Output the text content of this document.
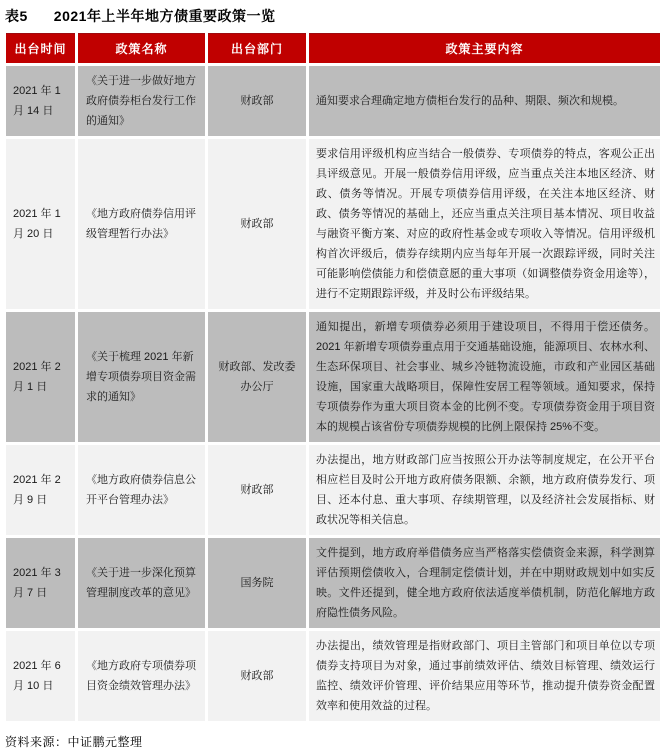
表5 2021年上半年地方债重要政策一览
出台时间	政策名称	出台部门	政策主要内容
2021 年 1 月 14 日	《关于进一步做好地方政府债券柜台发行工作的通知》	财政部	通知要求合理确定地方债柜台发行的品种、期限、频次和规模。
2021 年 1 月 20 日	《地方政府债券信用评级管理暂行办法》	财政部	要求信用评级机构应当结合一般债券、专项债券的特点，客观公正出具评级意见。开展一般债券信用评级，应当重点关注本地区经济、财政、债务等情况。开展专项债券信用评级，在关注本地区经济、财政、债务等情况的基础上，还应当重点关注项目基本情况、项目收益与融资平衡方案、对应的政府性基金或专项收入等情况。信用评级机构首次评级后，债券存续期内应当每年开展一次跟踪评级，同时关注可能影响偿债能力和偿债意愿的重大事项（如调整债券资金用途等），进行不定期跟踪评级，并及时公布评级结果。
2021 年 2 月 1 日	《关于梳理 2021 年新增专项债券项目资金需求的通知》	财政部、发改委办公厅	通知提出，新增专项债券必须用于建设项目，不得用于偿还债务。2021 年新增专项债券重点用于交通基础设施，能源项目、农林水利、生态环保项目、社会事业、城乡冷链物流设施，市政和产业园区基础设施，国家重大战略项目，保障性安居工程等领域。通知要求，保持专项债券作为重大项目资本金的比例不变。专项债券资金用于项目资本的规模占该省份专项债券规模的比例上限保持 25%不变。
2021 年 2 月 9 日	《地方政府债券信息公开平台管理办法》	财政部	办法提出，地方财政部门应当按照公开办法等制度规定，在公开平台相应栏目及时公开地方政府债务限额、余额，地方政府债券发行、项目、还本付息、重大事项、存续期管理，以及经济社会发展指标、财政状况等相关信息。
2021 年 3 月 7 日	《关于进一步深化预算管理制度改革的意见》	国务院	文件提到，地方政府举借债务应当严格落实偿债资金来源，科学测算评估预期偿债收入，合理制定偿债计划，并在中期财政规划中如实反映。文件还提到，健全地方政府依法适度举债机制，防范化解地方政府隐性债务风险。
2021 年 6 月 10 日	《地方政府专项债券项目资金绩效管理办法》	财政部	办法提出，绩效管理是指财政部门、项目主管部门和项目单位以专项债券支持项目为对象，通过事前绩效评估、绩效目标管理、绩效运行监控、绩效评价管理、评价结果应用等环节，推动提升债券资金配置效率和使用效益的过程。
资料来源：中证鹏元整理
